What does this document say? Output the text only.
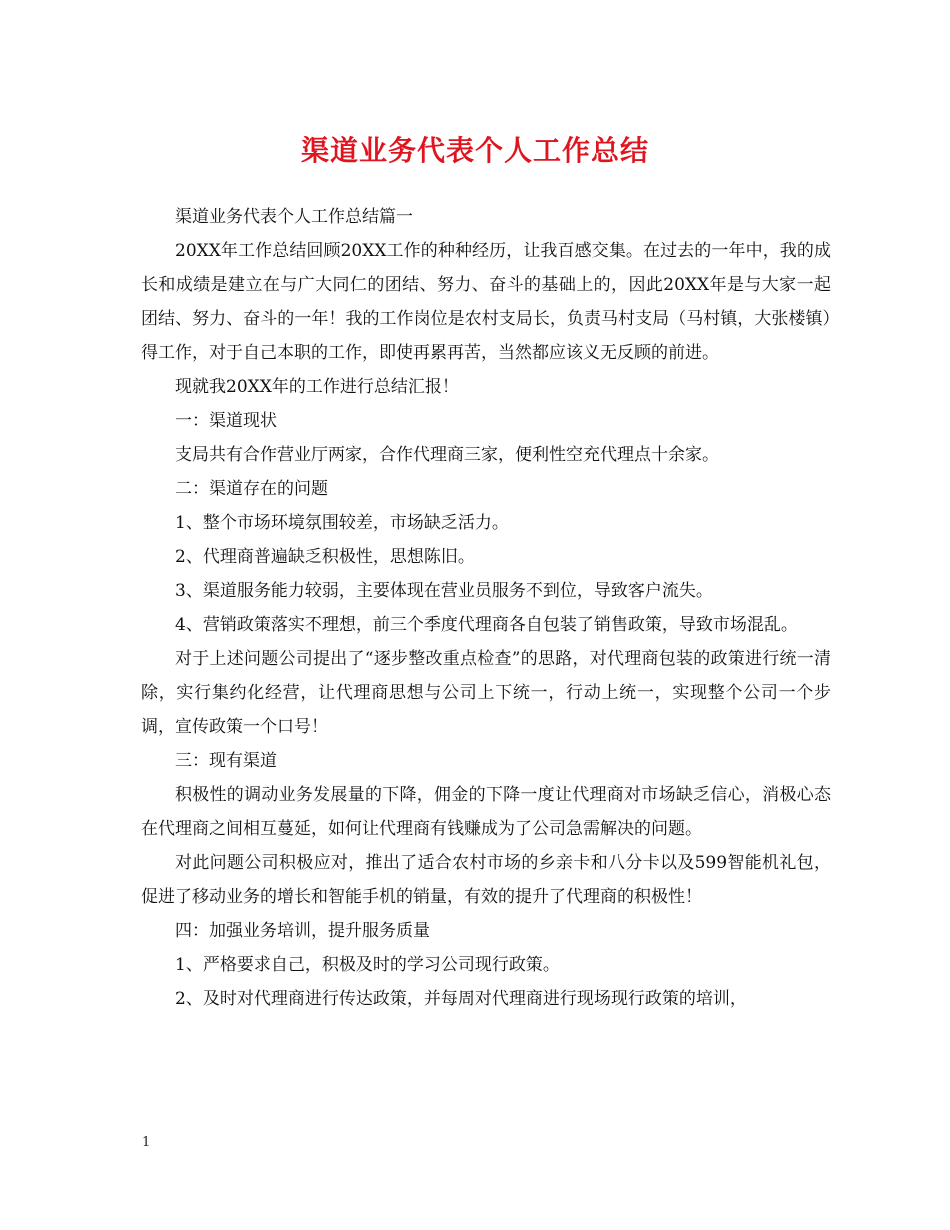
渠道业务代表个人工作总结

渠道业务代表个人工作总结篇一

20XX年工作总结回顾20XX工作的种种经历，让我百感交集。在过去的一年中，我的成长和成绩是建立在与广大同仁的团结、努力、奋斗的基础上的，因此20XX年是与大家一起团结、努力、奋斗的一年！我的工作岗位是农村支局长，负责马村支局（马村镇，大张楼镇）得工作，对于自己本职的工作，即使再累再苦，当然都应该义无反顾的前进。

现就我20XX年的工作进行总结汇报！

一：渠道现状

支局共有合作营业厅两家，合作代理商三家，便利性空充代理点十余家。

二：渠道存在的问题

1、整个市场环境氛围较差，市场缺乏活力。

2、代理商普遍缺乏积极性，思想陈旧。

3、渠道服务能力较弱，主要体现在营业员服务不到位，导致客户流失。

4、营销政策落实不理想，前三个季度代理商各自包装了销售政策，导致市场混乱。

对于上述问题公司提出了“逐步整改重点检查”的思路，对代理商包装的政策进行统一清除，实行集约化经营，让代理商思想与公司上下统一，行动上统一，实现整个公司一个步调，宣传政策一个口号！

三：现有渠道

积极性的调动业务发展量的下降，佣金的下降一度让代理商对市场缺乏信心，消极心态在代理商之间相互蔓延，如何让代理商有钱赚成为了公司急需解决的问题。

对此问题公司积极应对，推出了适合农村市场的乡亲卡和八分卡以及599智能机礼包，促进了移动业务的增长和智能手机的销量，有效的提升了代理商的积极性！

四：加强业务培训，提升服务质量

1、严格要求自己，积极及时的学习公司现行政策。

2、及时对代理商进行传达政策，并每周对代理商进行现场现行政策的培训，

1
